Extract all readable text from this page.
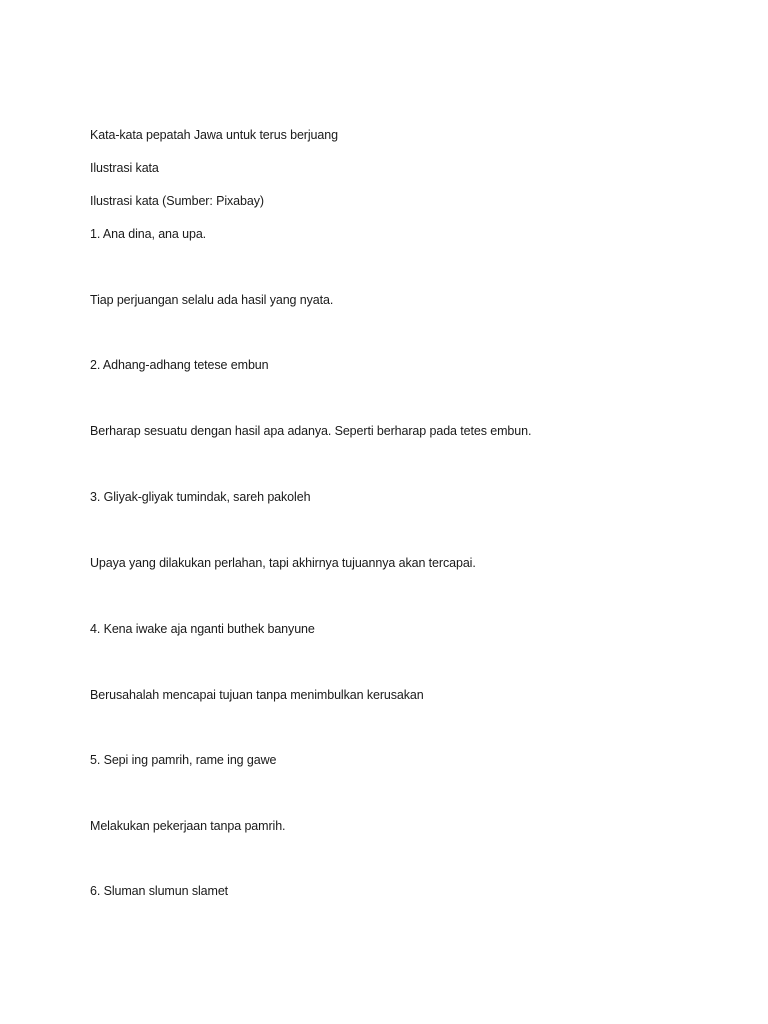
Kata-kata pepatah Jawa untuk terus berjuang
Ilustrasi kata
Ilustrasi kata (Sumber: Pixabay)
1. Ana dina, ana upa.
Tiap perjuangan selalu ada hasil yang nyata.
2. Adhang-adhang tetese embun
Berharap sesuatu dengan hasil apa adanya. Seperti berharap pada tetes embun.
3. Gliyak-gliyak tumindak, sareh pakoleh
Upaya yang dilakukan perlahan, tapi akhirnya tujuannya akan tercapai.
4. Kena iwake aja nganti buthek banyune
Berusahalah mencapai tujuan tanpa menimbulkan kerusakan
5. Sepi ing pamrih, rame ing gawe
Melakukan pekerjaan tanpa pamrih.
6. Sluman slumun slamet
